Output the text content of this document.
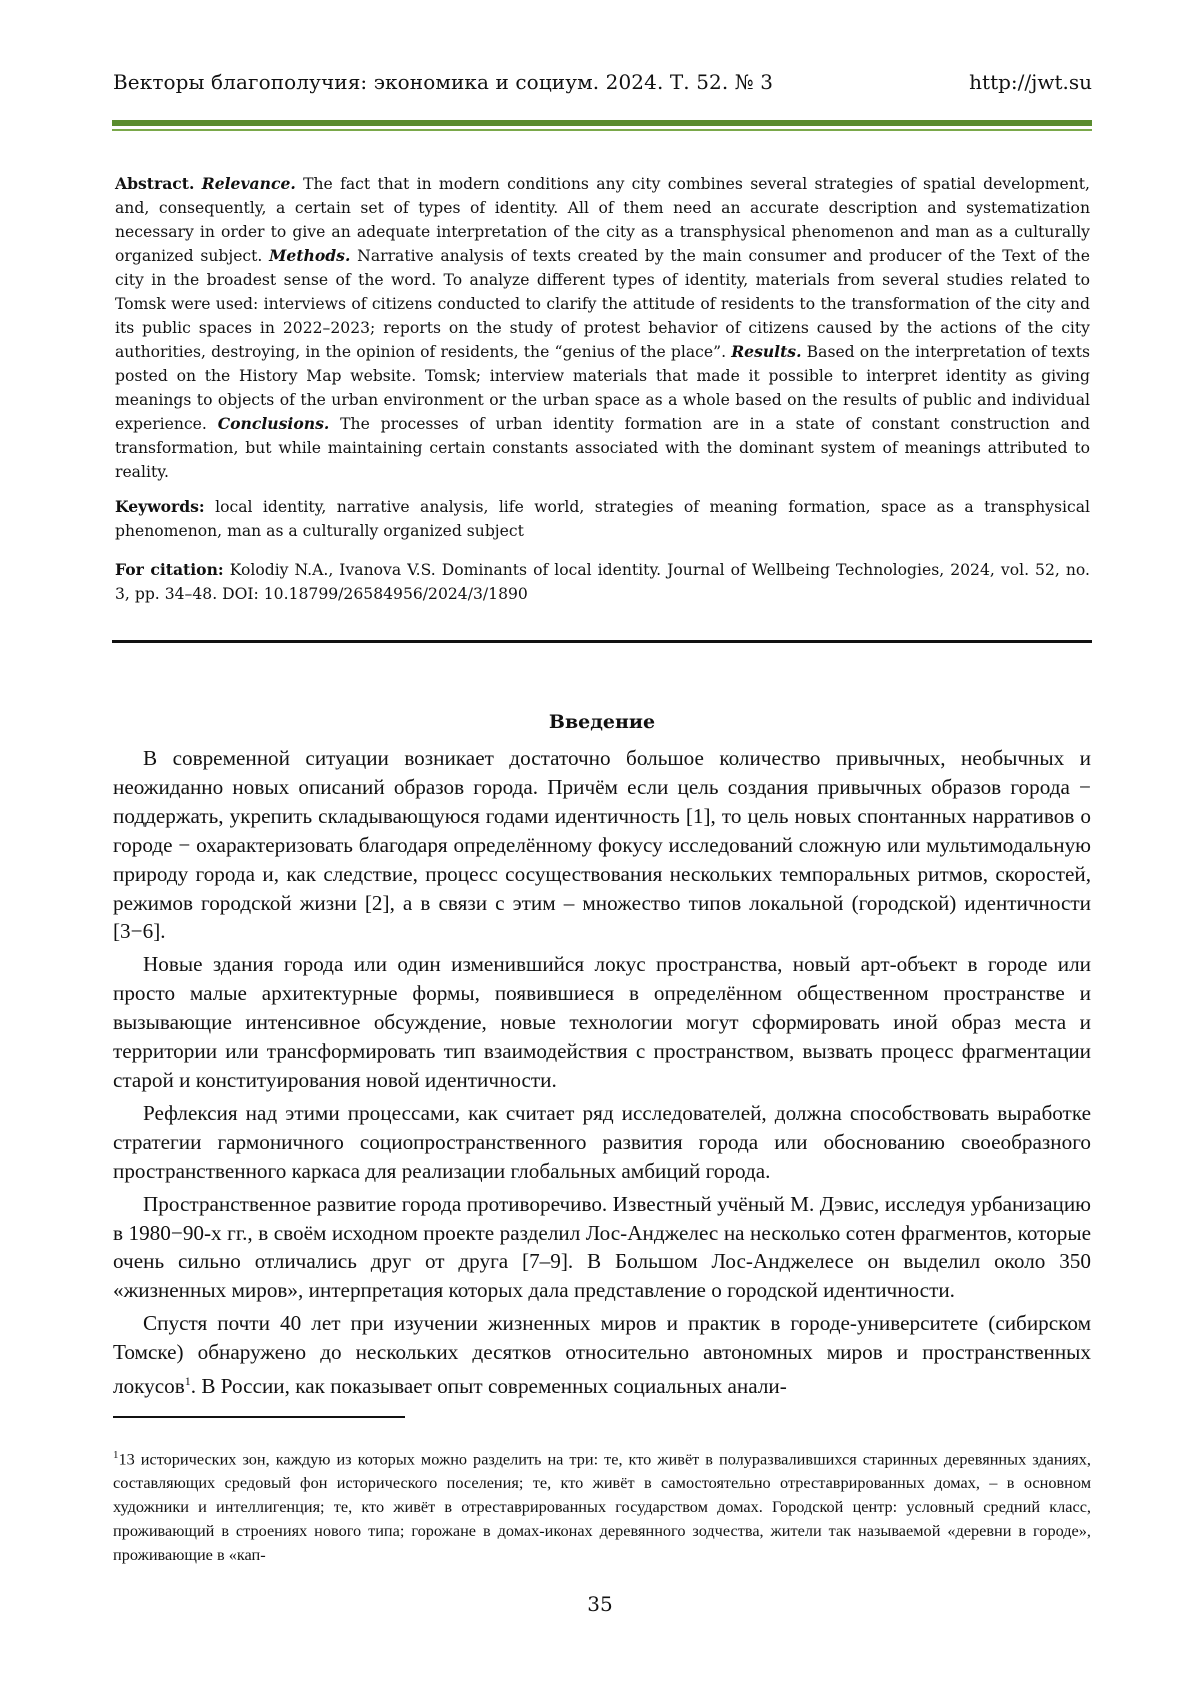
Векторы благополучия: экономика и социум. 2024. Т. 52. № 3	http://jwt.su

Abstract. Relevance. The fact that in modern conditions any city combines several strategies of spatial development, and, consequently, a certain set of types of identity. All of them need an accurate description and systematization necessary in order to give an adequate interpretation of the city as a transphysical phenomenon and man as a culturally organized subject. Methods. Narrative analysis of texts created by the main consumer and producer of the Text of the city in the broadest sense of the word. To analyze different types of identity, materials from several studies related to Tomsk were used: interviews of citizens conducted to clarify the attitude of residents to the transformation of the city and its public spaces in 2022–2023; reports on the study of protest behavior of citizens caused by the actions of the city authorities, destroying, in the opinion of residents, the “genius of the place”. Results. Based on the interpretation of texts posted on the History Map website. Tomsk; interview materials that made it possible to interpret identity as giving meanings to objects of the urban environment or the urban space as a whole based on the results of public and individual experience. Conclusions. The processes of urban identity formation are in a state of constant construction and transformation, but while maintaining certain constants associated with the dominant system of meanings attributed to reality.

Keywords: local identity, narrative analysis, life world, strategies of meaning formation, space as a transphysical phenomenon, man as a culturally organized subject

For citation: Kolodiy N.A., Ivanova V.S. Dominants of local identity. Journal of Wellbeing Technologies, 2024, vol. 52, no. 3, pp. 34–48. DOI: 10.18799/26584956/2024/3/1890

Введение

В современной ситуации возникает достаточно большое количество привычных, необычных и неожиданно новых описаний образов города. Причём если цель создания привычных образов города − поддержать, укрепить складывающуюся годами идентичность [1], то цель новых спонтанных нарративов о городе − охарактеризовать благодаря определённому фокусу исследований сложную или мультимодальную природу города и, как следствие, процесс сосуществования нескольких темпоральных ритмов, скоростей, режимов городской жизни [2], а в связи с этим – множество типов локальной (городской) идентичности [3−6].

Новые здания города или один изменившийся локус пространства, новый арт-объект в городе или просто малые архитектурные формы, появившиеся в определённом общественном пространстве и вызывающие интенсивное обсуждение, новые технологии могут сформировать иной образ места и территории или трансформировать тип взаимодействия с пространством, вызвать процесс фрагментации старой и конституирования новой идентичности.

Рефлексия над этими процессами, как считает ряд исследователей, должна способствовать выработке стратегии гармоничного социопространственного развития города или обоснованию своеобразного пространственного каркаса для реализации глобальных амбиций города.

Пространственное развитие города противоречиво. Известный учёный М. Дэвис, исследуя урбанизацию в 1980−90-х гг., в своём исходном проекте разделил Лос-Анджелес на несколько сотен фрагментов, которые очень сильно отличались друг от друга [7–9]. В Большом Лос-Анджелесе он выделил около 350 «жизненных миров», интерпретация которых дала представление о городской идентичности.

Спустя почти 40 лет при изучении жизненных миров и практик в городе-университете (сибирском Томске) обнаружено до нескольких десятков относительно автономных миров и пространственных локусов$^1$. В России, как показывает опыт современных социальных анали-

$^1$13 исторических зон, каждую из которых можно разделить на три: те, кто живёт в полуразвалившихся старинных деревянных зданиях, составляющих средовый фон исторического поселения; те, кто живёт в самостоятельно отреставрированных домах, – в основном художники и интеллигенция; те, кто живёт в отреставрированных государством домах. Городской центр: условный средний класс, проживающий в строениях нового типа; горожане в домах-иконах деревянного зодчества, жители так называемой «деревни в городе», проживающие в «кап-

35
